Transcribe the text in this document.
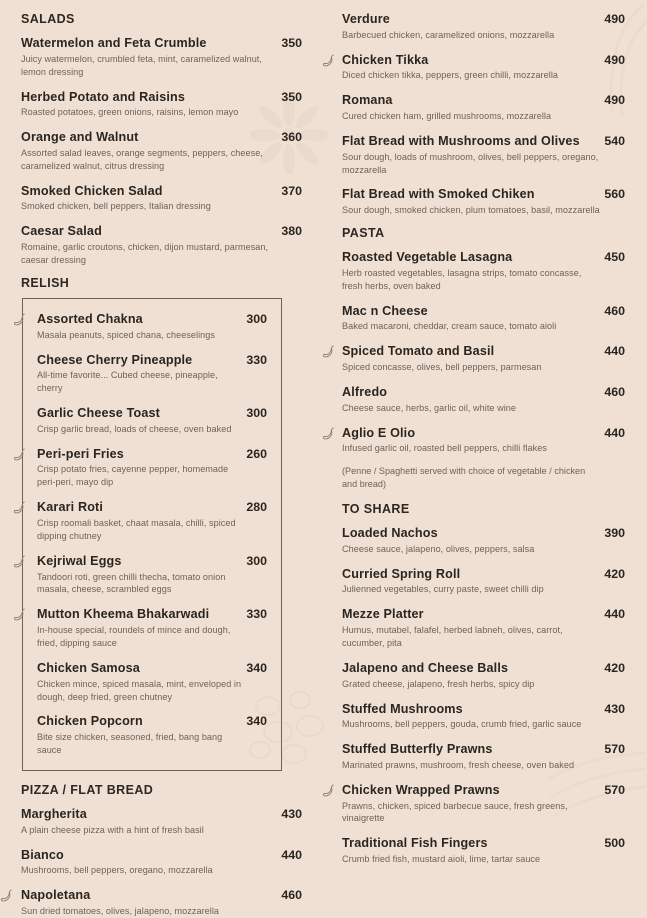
SALADS
Watermelon and Feta Crumble	350
Juicy watermelon, crumbled feta, mint, caramelized walnut, lemon dressing
Herbed Potato and Raisins	350
Roasted potatoes, green onions, raisins, lemon mayo
Orange and Walnut	360
Assorted salad leaves, orange segments, peppers, cheese, caramelized walnut, citrus dressing
Smoked Chicken Salad	370
Smoked chicken, bell peppers, Italian dressing
Caesar Salad	380
Romaine, garlic croutons, chicken, dijon mustard, parmesan, caesar dressing
RELISH
Assorted Chakna	300
Masala peanuts, spiced chana, cheeselings
Cheese Cherry Pineapple	330
All-time favorite... Cubed cheese, pineapple, cherry
Garlic Cheese Toast	300
Crisp garlic bread, loads of cheese, oven baked
Peri-peri Fries	260
Crisp potato fries, cayenne pepper, homemade peri-peri, mayo dip
Karari Roti	280
Crisp roomali basket, chaat masala, chilli, spiced dipping chutney
Kejriwal Eggs	300
Tandoori roti, green chilli thecha, tomato onion masala, cheese, scrambled eggs
Mutton Kheema Bhakarwadi	330
In-house special, roundels of mince and dough, fried, dipping sauce
Chicken Samosa	340
Chicken mince, spiced masala, mint, enveloped in dough, deep fried, green chutney
Chicken Popcorn	340
Bite size chicken, seasoned, fried, bang bang sauce
PIZZA / FLAT BREAD
Margherita	430
A plain cheese pizza with a hint of fresh basil
Bianco	440
Mushrooms, bell peppers, oregano, mozzarella
Napoletana	460
Sun dried tomatoes, olives, jalapeno, mozzarella
Verdure	490
Barbecued chicken, caramelized onions, mozzarella
Chicken Tikka	490
Diced chicken tikka, peppers, green chilli, mozzarella
Romana	490
Cured chicken ham, grilled mushrooms, mozzarella
Flat Bread with Mushrooms and Olives	540
Sour dough, loads of mushroom, olives, bell peppers, oregano, mozzarella
Flat Bread with Smoked Chiken	560
Sour dough, smoked chicken, plum tomatoes, basil, mozzarella
PASTA
Roasted Vegetable Lasagna	450
Herb roasted vegetables, lasagna strips, tomato concasse, fresh herbs, oven baked
Mac n Cheese	460
Baked macaroni, cheddar, cream sauce, tomato aioli
Spiced Tomato and Basil	440
Spiced concasse, olives, bell peppers, parmesan
Alfredo	460
Cheese sauce, herbs, garlic oil, white wine
Aglio E Olio	440
Infused garlic oil, roasted bell peppers, chilli flakes
(Penne / Spaghetti served with choice of vegetable / chicken and bread)
TO SHARE
Loaded Nachos	390
Cheese sauce, jalapeno, olives, peppers, salsa
Curried Spring Roll	420
Julienned vegetables, curry paste, sweet chilli dip
Mezze Platter	440
Humus, mutabel, falafel, herbed labneh, olives, carrot, cucumber, pita
Jalapeno and Cheese Balls	420
Grated cheese, jalapeno, fresh herbs, spicy dip
Stuffed Mushrooms	430
Mushrooms, bell peppers, gouda, crumb fried, garlic sauce
Stuffed Butterfly Prawns	570
Marinated prawns, mushroom, fresh cheese, oven baked
Chicken Wrapped Prawns	570
Prawns, chicken, spiced barbecue sauce, fresh greens, vinaigrette
Traditional Fish Fingers	500
Crumb fried fish, mustard aioli, lime, tartar sauce
